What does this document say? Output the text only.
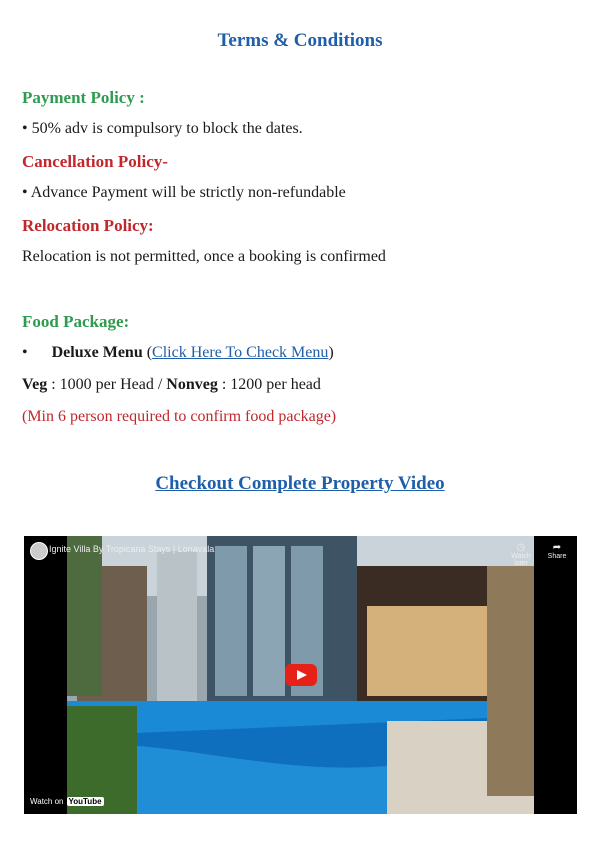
Terms & Conditions
Payment Policy :
• 50% adv is compulsory to block the dates.
Cancellation Policy-
• Advance Payment will be strictly non-refundable
Relocation Policy:
Relocation is not permitted, once a booking is confirmed
Food Package:
• Deluxe Menu (Click Here To Check Menu)
Veg : 1000 per Head / Nonveg : 1200 per head
(Min 6 person required to confirm food package)
Checkout Complete Property Video
Ignite Villa By Tropicana Stays | Lonavala	◷
Watch later
➦
Share
Watch on YouTube
